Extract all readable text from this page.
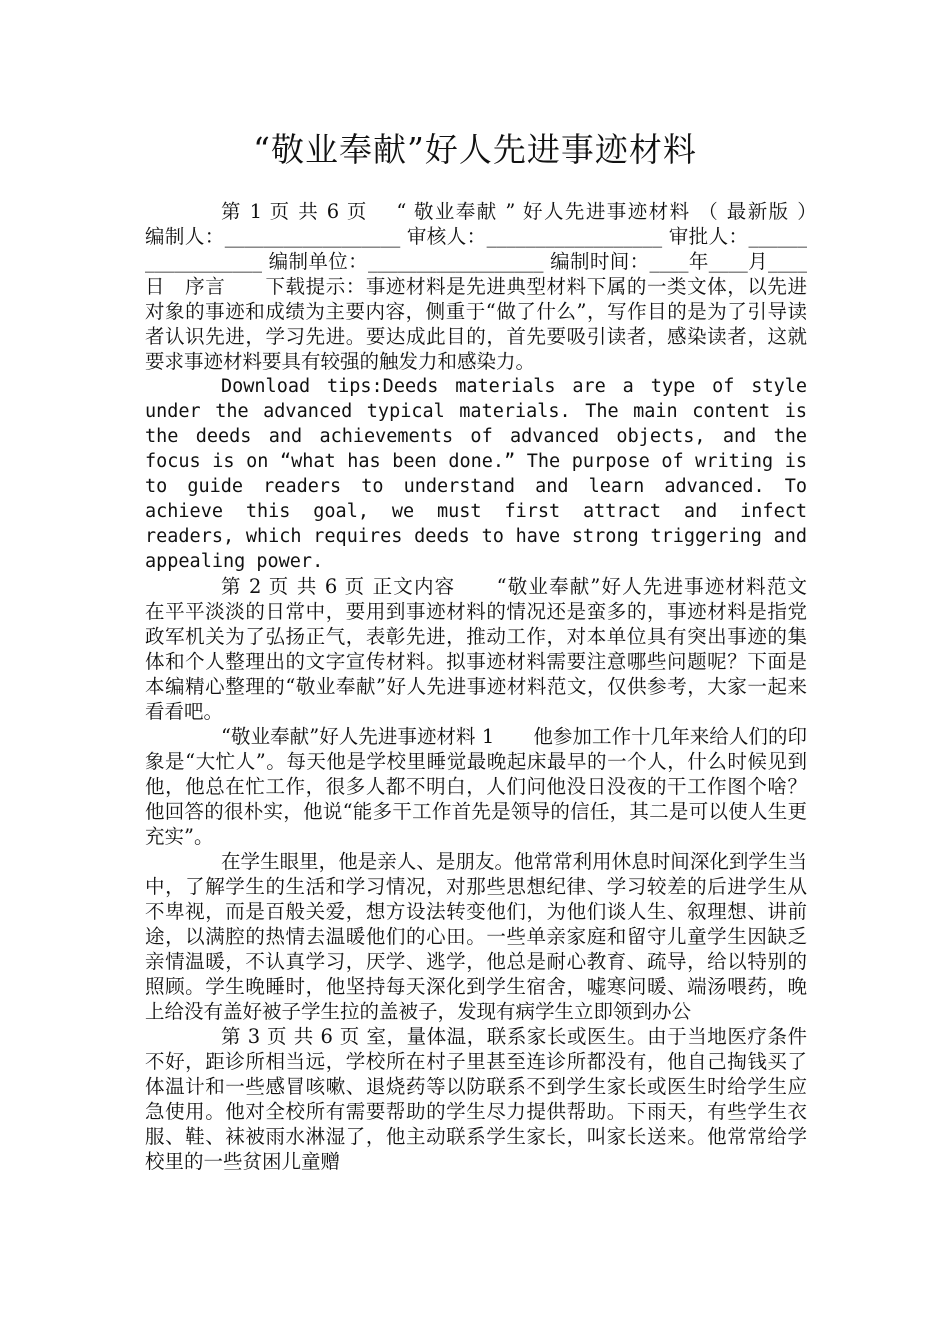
“敬业奉献”好人先进事迹材料

第 1 页 共 6 页　 “ 敬业奉献 ” 好人先进事迹材料 （ 最新版 ）　　编制人：__________________ 审核人：__________________ 审批人：__________________ 编制单位：__________________ 编制时间：____年____月____日　序言　　下载提示：事迹材料是先进典型材料下属的一类文体，以先进对象的事迹和成绩为主要内容，侧重于“做了什么”，写作目的是为了引导读者认识先进，学习先进。要达成此目的，首先要吸引读者，感染读者，这就要求事迹材料要具有较强的触发力和感染力。

Download tips:Deeds materials are a type of style under the advanced typical materials. The main content is the deeds and achievements of advanced objects, and the focus is on “what has been done.” The purpose of writing is to guide readers to understand and learn advanced. To achieve this goal, we must first attract and infect readers, which requires deeds to have strong triggering and appealing power.

第 2 页 共 6 页 正文内容　　“敬业奉献”好人先进事迹材料范文　　在平平淡淡的日常中，要用到事迹材料的情况还是蛮多的，事迹材料是指党政军机关为了弘扬正气，表彰先进，推动工作，对本单位具有突出事迹的集体和个人整理出的文字宣传材料。拟事迹材料需要注意哪些问题呢？下面是本编精心整理的“敬业奉献”好人先进事迹材料范文，仅供参考，大家一起来看看吧。

“敬业奉献”好人先进事迹材料 1　　他参加工作十几年来给人们的印象是“大忙人”。每天他是学校里睡觉最晚起床最早的一个人，什么时候见到他，他总在忙工作，很多人都不明白，人们问他没日没夜的干工作图个啥？他回答的很朴实，他说“能多干工作首先是领导的信任，其二是可以使人生更充实”。

在学生眼里，他是亲人、是朋友。他常常利用休息时间深化到学生当中，了解学生的生活和学习情况，对那些思想纪律、学习较差的后进学生从不卑视，而是百般关爱，想方设法转变他们，为他们谈人生、叙理想、讲前途，以满腔的热情去温暖他们的心田。一些单亲家庭和留守儿童学生因缺乏亲情温暖，不认真学习，厌学、逃学，他总是耐心教育、疏导，给以特别的照顾。学生晚睡时，他坚持每天深化到学生宿舍，嘘寒问暖、端汤喂药，晚上给没有盖好被子学生拉的盖被子，发现有病学生立即领到办公

第 3 页 共 6 页 室，量体温，联系家长或医生。由于当地医疗条件不好，距诊所相当远，学校所在村子里甚至连诊所都没有，他自己掏钱买了体温计和一些感冒咳嗽、退烧药等以防联系不到学生家长或医生时给学生应急使用。他对全校所有需要帮助的学生尽力提供帮助。下雨天，有些学生衣服、鞋、袜被雨水淋湿了，他主动联系学生家长，叫家长送来。他常常给学校里的一些贫困儿童赠
